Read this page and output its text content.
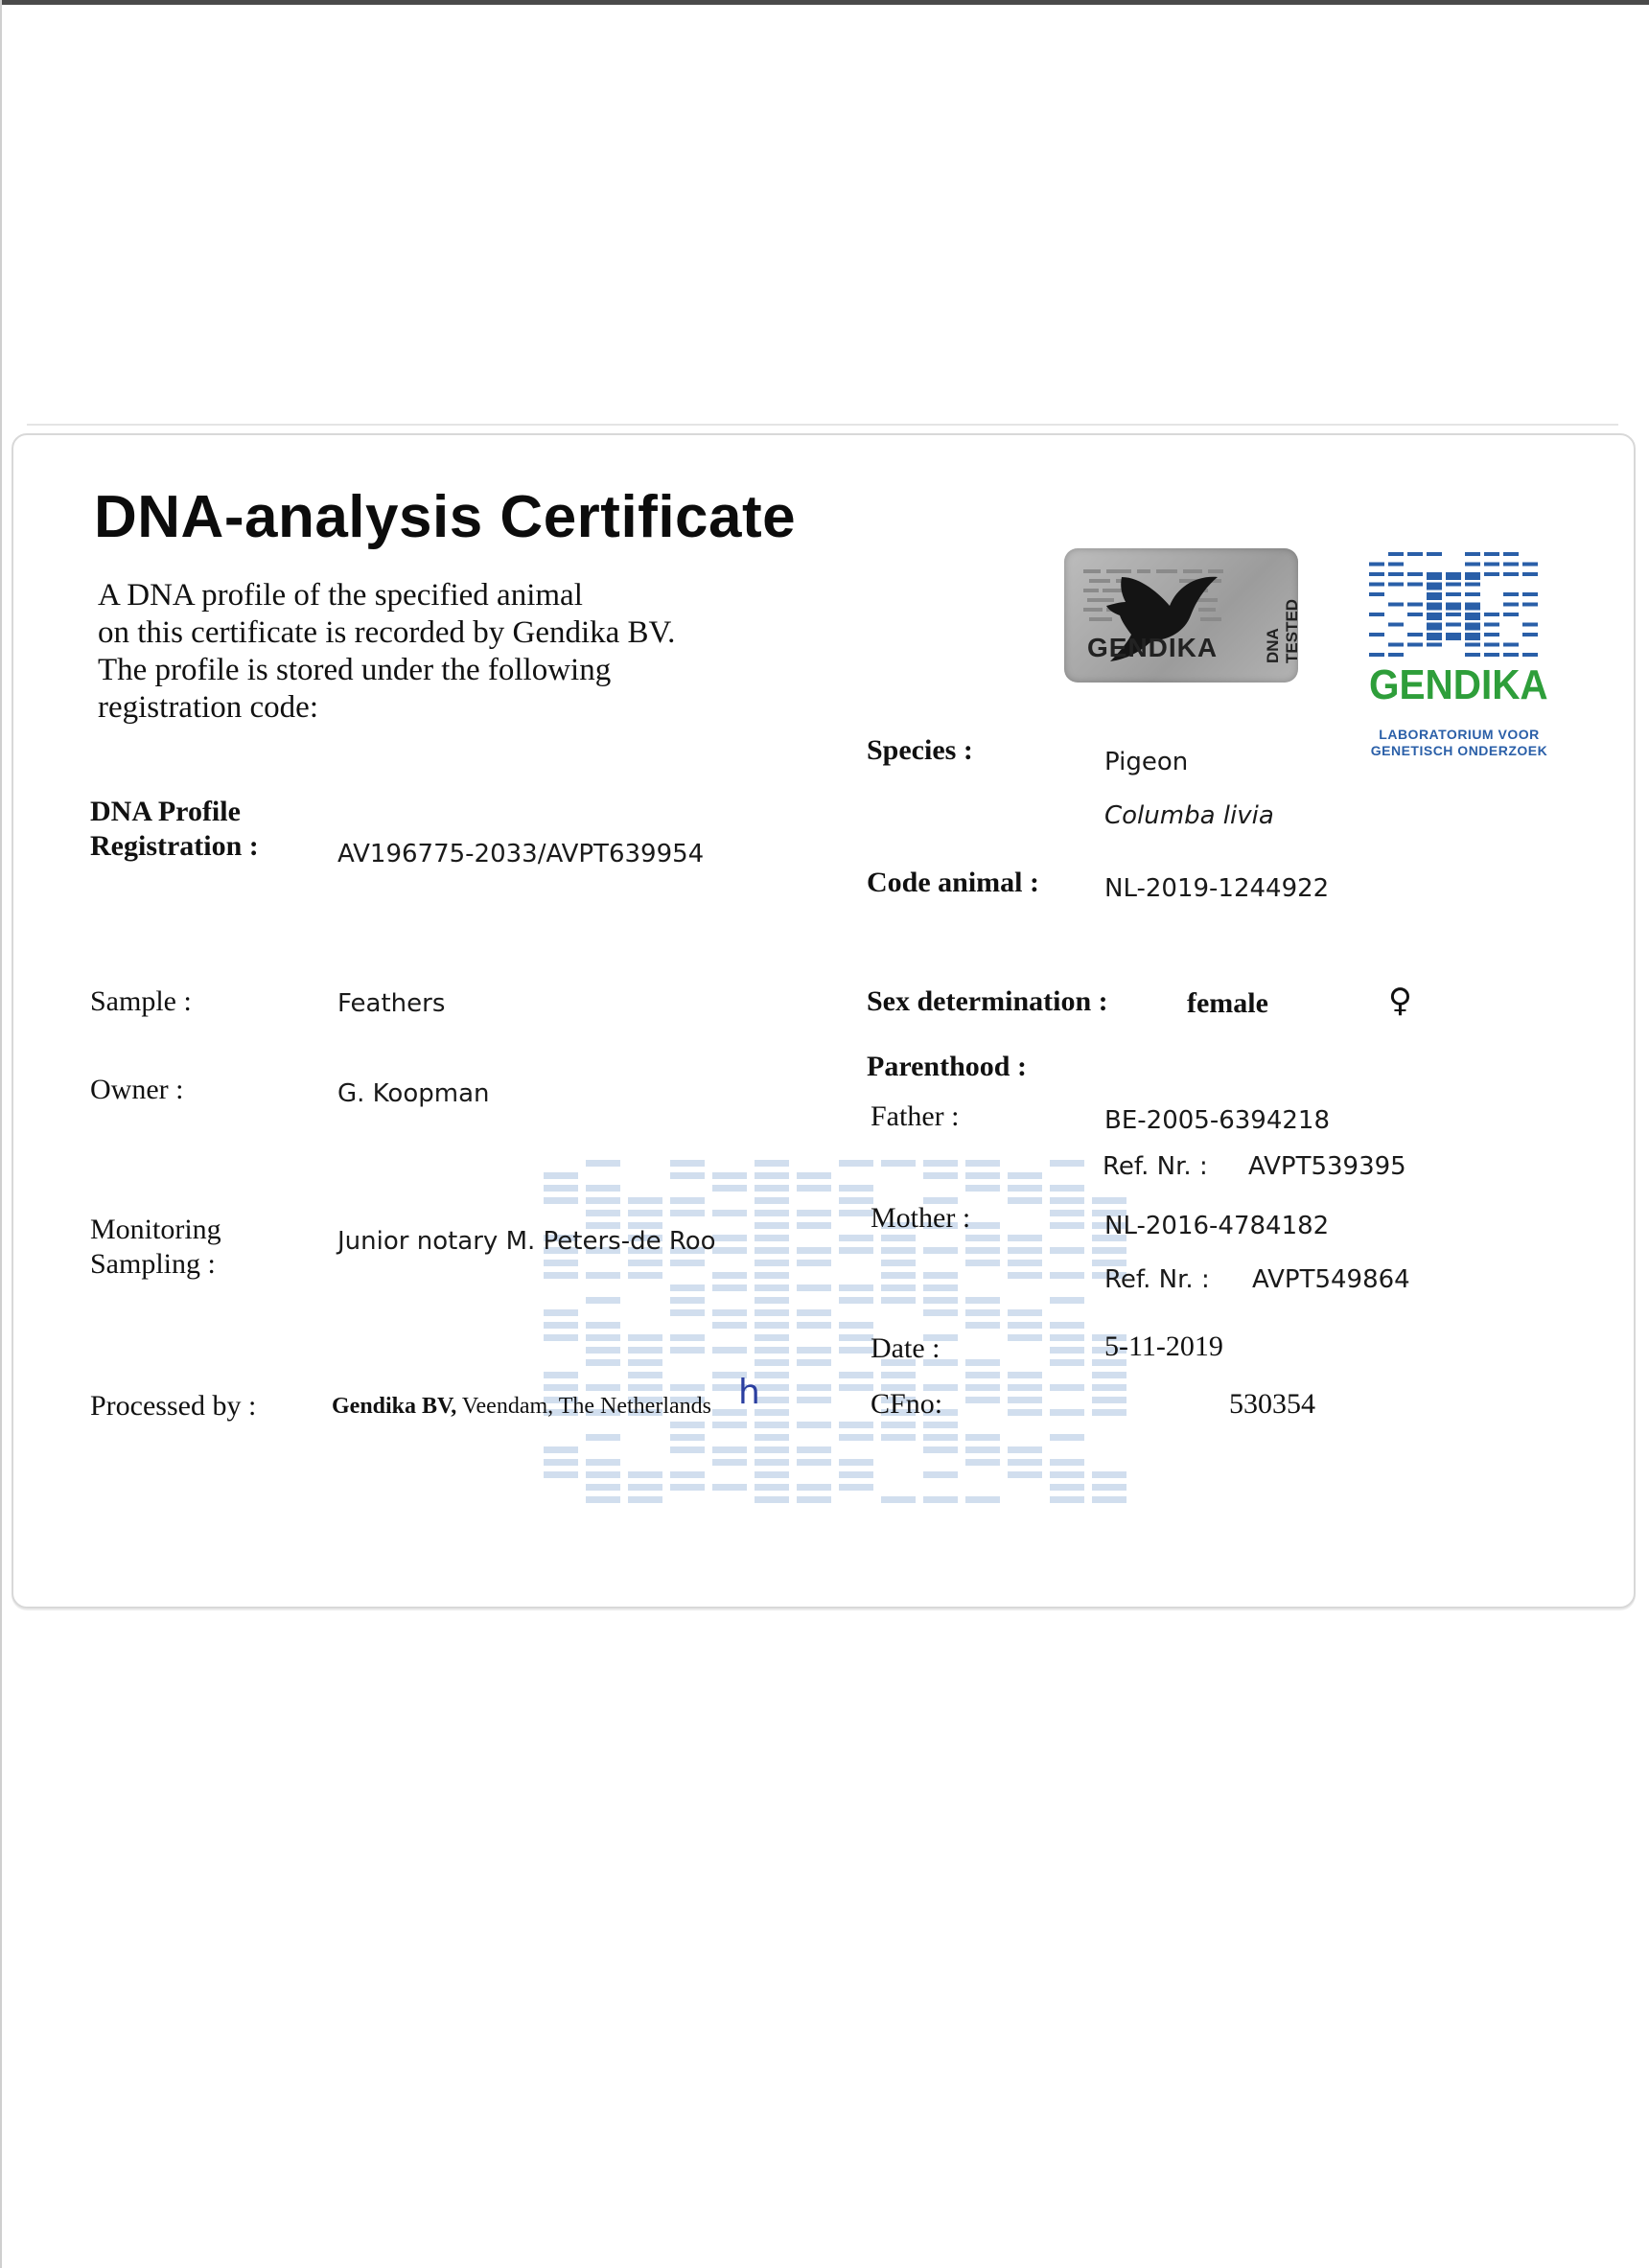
DNA-analysis Certificate
A DNA profile of the specified animal
on this certificate is recorded by Gendika BV.
The profile is stored under the following
registration code:
GENDIKA	DNA TESTED
GENDIKA
LABORATORIUM VOOR
GENETISCH ONDERZOEK
DNA Profile
Registration :	AV196775-2033/AVPT639954
Sample :	Feathers
Owner :	G. Koopman
Monitoring
Sampling :
Junior notary M. Peters-de Roo
Processed by :	Gendika BV, Veendam, The Netherlands h
Species :	Pigeon
Columba livia
Code animal :	NL-2019-1244922
Sex determination :	female	♀
Parenthood :
Father :	BE-2005-6394218
Ref. Nr. : AVPT539395
Mother :	NL-2016-4784182
Ref. Nr. : AVPT549864
Date :	5-11-2019
CFno:	530354
